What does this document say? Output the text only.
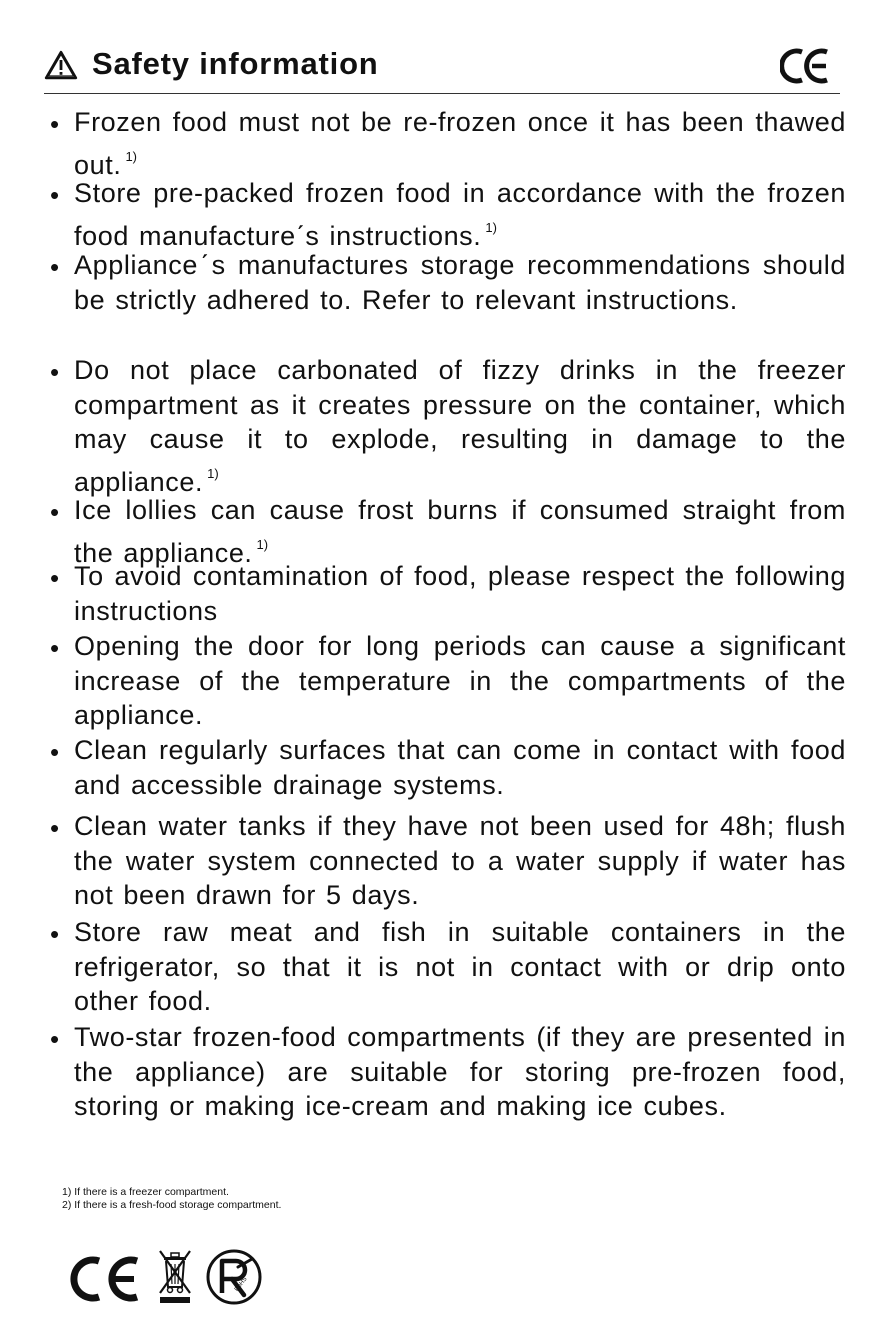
Safety information
• Frozen food must not be re-frozen once it has been thawed out. $^{1)}$
• Store pre-packed frozen food in accordance with the frozen food manufactureˊs instructions. $^{1)}$
• Applianceˊs manufactures storage recommendations should be strictly adhered to. Refer to relevant instructions.
• Do not place carbonated of fizzy drinks in the freezer compartment as it creates pressure on the container, which may cause it to explode, resulting in damage to the appliance. $^{1)}$
• Ice lollies can cause frost burns if consumed straight from the appliance. $^{1)}$
• To avoid contamination of food, please respect the following instructions
• Opening the door for long periods can cause a significant increase of the temperature in the compartments of the appliance.
• Clean regularly surfaces that can come in contact with food and accessible drainage systems.
• Clean water tanks if they have not been used for 48h; flush the water system connected to a water supply if water has not been drawn for 5 days.
• Store raw meat and fish in suitable containers in the refrigerator, so that it is not in contact with or drip onto other food.
• Two-star frozen-food compartments (if they are presented in the appliance) are suitable for storing pre-frozen food, storing or making ice-cream and making ice cubes.
1) If there is a freezer compartment.
2) If there is a fresh-food storage compartment.
RoHS
